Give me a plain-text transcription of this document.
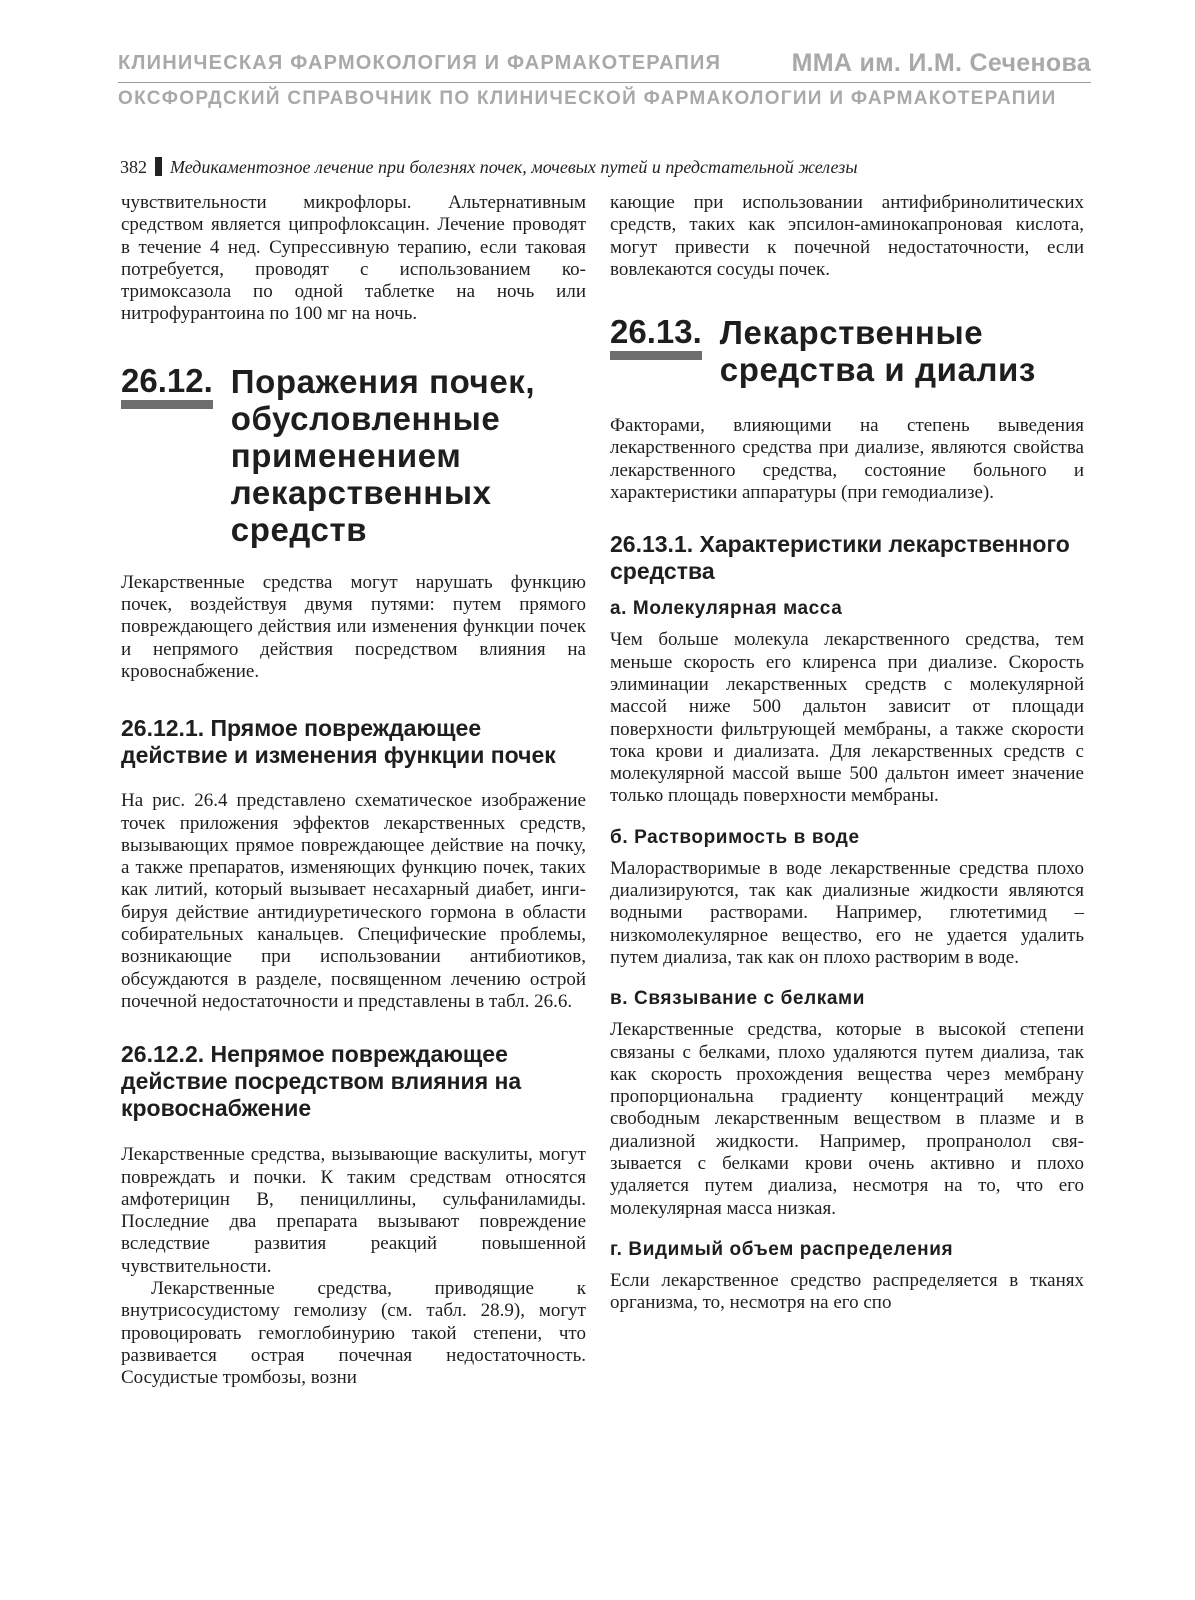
КЛИНИЧЕСКАЯ ФАРМОКОЛОГИЯ И ФАРМАКОТЕРАПИЯ	ММА им. И.М. Сеченова
ОКСФОРДСКИЙ СПРАВОЧНИК ПО КЛИНИЧЕСКОЙ ФАРМАКОЛОГИИ И ФАРМАКОТЕРАПИИ
382 Медикаментозное лечение при болезнях почек, мочевых путей и предстательной железы

чувствительности микрофлоры. Альтернативным средством является ципрофлоксацин. Лечение проводят в течение 4 нед. Супрессивную терапию, если таковая потребуется, проводят с использованием ко-тримоксазола по одной таблетке на ночь или нитрофурантоина по 100 мг на ночь.

26.12. Поражения почек, обусловленные применением лекарственных средств

Лекарственные средства могут нарушать функцию почек, воздействуя двумя путями: путем прямого повреждающего действия или изменения функции почек и непрямого действия посредством влияния на кровоснабжение.

26.12.1. Прямое повреждающее действие и изменения функции почек

На рис. 26.4 представлено схематическое изображение точек приложения эффектов лекарственных средств, вызывающих прямое повреждающее действие на почку, а также препаратов, изменяющих функцию почек, таких как литий, который вызывает несахарный диабет, ингибируя действие антидиуретического гормона в области собирательных канальцев. Специфические проблемы, возникающие при использовании антибиотиков, обсуждаются в разделе, посвященном лечению острой почечной недостаточности и представлены в табл. 26.6.

26.12.2. Непрямое повреждающее действие посредством влияния на кровоснабжение

Лекарственные средства, вызывающие васкулиты, могут повреждать и почки. К таким средствам относятся амфотерицин В, пенициллины, сульфаниламиды. Последние два препарата вызывают повреждение вследствие развития реакций повышенной чувствительности.

Лекарственные средства, приводящие к внутрисосудистому гемолизу (см. табл. 28.9), могут провоцировать гемоглобинурию такой степени, что развивается острая почечная недостаточность. Сосудистые тромбозы, возни

кающие при использовании антифибринолитических средств, таких как эпсилон-аминокапроновая кислота, могут привести к почечной недостаточности, если вовлекаются сосуды почек.

26.13. Лекарственные средства и диализ

Факторами, влияющими на степень выведения лекарственного средства при диализе, являются свойства лекарственного средства, состояние больного и характеристики аппаратуры (при гемодиализе).

26.13.1. Характеристики лекарственного средства
а. Молекулярная масса

Чем больше молекула лекарственного средства, тем меньше скорость его клиренса при диализе. Скорость элиминации лекарственных средств с молекулярной массой ниже 500 дальтон зависит от площади поверхности фильтрующей мембраны, а также скорости тока крови и диализата. Для лекарственных средств с молекулярной массой выше 500 дальтон имеет значение только площадь поверхности мембраны.

б. Растворимость в воде

Малорастворимые в воде лекарственные средства плохо диализируются, так как диализные жидкости являются водными растворами. Например, глютетимид – низкомолекулярное вещество, его не удается удалить путем диализа, так как он плохо растворим в воде.

в. Связывание с белками

Лекарственные средства, которые в высокой степени связаны с белками, плохо удаляются путем диализа, так как скорость прохождения вещества через мембрану пропорциональна градиенту концентраций между свободным лекарственным веществом в плазме и в диализной жидкости. Например, пропранолол связывается с белками крови очень активно и плохо удаляется путем диализа, несмотря на то, что его молекулярная масса низкая.

г. Видимый объем распределения

Если лекарственное средство распределяется в тканях организма, то, несмотря на его спо
